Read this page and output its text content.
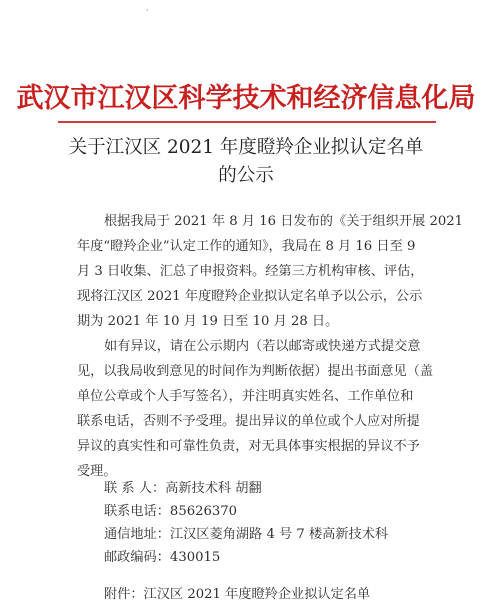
·
武汉市江汉区科学技术和经济信息化局
关于江汉区 2021 年度瞪羚企业拟认定名单
的公示
根据我局于 2021 年 8 月 16 日发布的《关于组织开展 2021
年度“瞪羚企业”认定工作的通知》，我局在 8 月 16 日至 9
月 3 日收集、汇总了申报资料。经第三方机构审核、评估，
现将江汉区 2021 年度瞪羚企业拟认定名单予以公示，公示
期为 2021 年 10 月 19 日至 10 月 28 日。
如有异议，请在公示期内（若以邮寄或快递方式提交意
见，以我局收到意见的时间作为判断依据）提出书面意见（盖
单位公章或个人手写签名），并注明真实姓名、工作单位和
联系电话，否则不予受理。提出异议的单位或个人应对所提
异议的真实性和可靠性负责，对无具体事实根据的异议不予
受理。
联 系 人：高新技术科 胡翻
联系电话：85626370
通信地址：江汉区菱角湖路 4 号 7 楼高新技术科
邮政编码：430015
附件：江汉区 2021 年度瞪羚企业拟认定名单
